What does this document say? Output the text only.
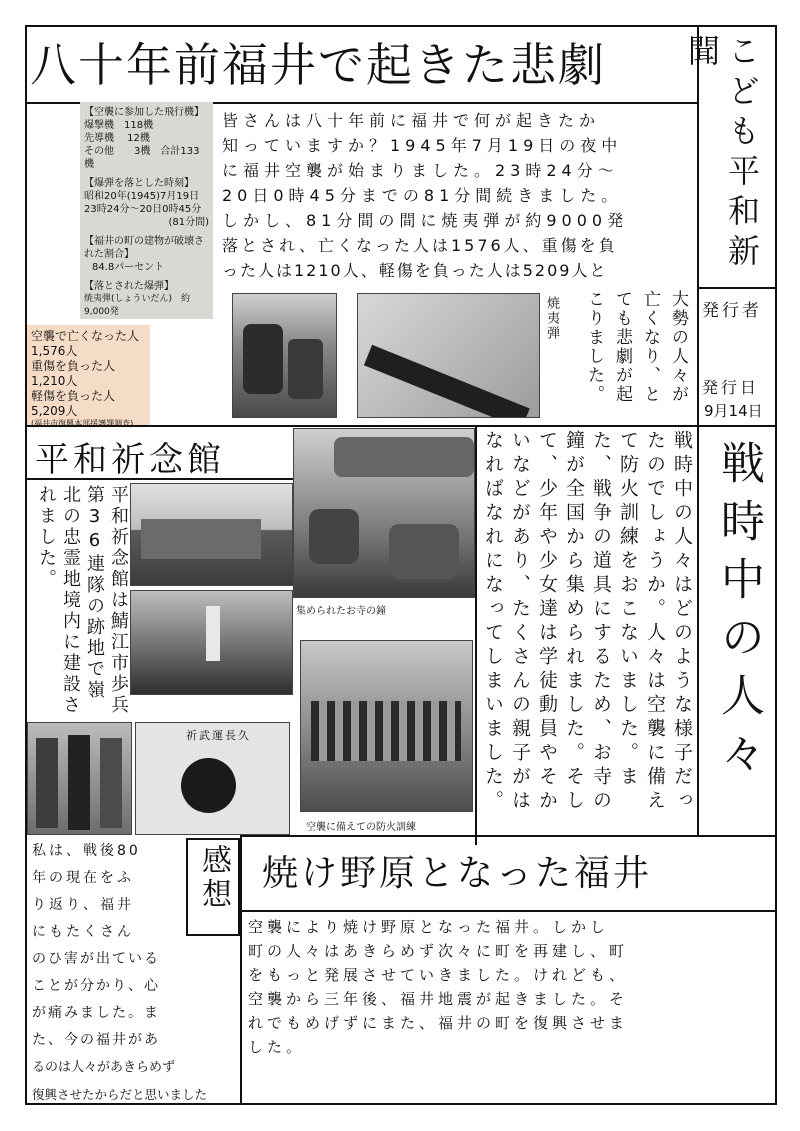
八十年前福井で起きた悲劇	こども平和新聞
発行者
発行日
9月14日
【空襲に参加した飛行機】
爆撃機　118機
先導機　 12機
その他　　3機　合計133機
【爆弾を落とした時刻】
昭和20年(1945)7月19日
23時24分〜20日0時45分
(81分間)
【福井の町の建物が破壊された割合】
84.8パーセント
【落とされた爆弾】
焼夷弾(しょういだん)　約9,000発
空襲で亡くなった人
1,576人
重傷を負った人
1,210人
軽傷を負った人
5,209人
(福井市復興本部援護課調査)
皆さんは八十年前に福井で何が起きたか
知っていますか？1945年7月19日の夜中
に福井空襲が始まりました。23時24分〜
20日0時45分までの81分間続きました。
しかし、81分間の間に焼夷弾が約9000発
落とされ、亡くなった人は1576人、重傷を負
った人は1210人、軽傷を負った人は5209人と
大勢の人々が亡くなり、とても悲劇が起こりました。
焼夷弾
平和祈念館
平和祈念館は鯖江市歩兵第36連隊の跡地で嶺北の忠霊地境内に建設されました。
祈武運長久
集められたお寺の鐘
空襲に備えての防火訓練
戦時中の人々
戦時中の人々はどのような様子だったのでしょうか。人々は空襲に備えて防火訓練をおこないました。また、戦争の道具にするため、お寺の鐘が全国から集められました。そして、少年や少女達は学徒動員やそかいなどがあり、たくさんの親子がはなればなれになってしまいました。
焼け野原となった福井
空襲により焼け野原となった福井。しかし
町の人々はあきらめず次々に町を再建し、町
をもっと発展させていきました。けれども、
空襲から三年後、福井地震が起きました。そ
れでもめげずにまた、福井の町を復興させま
した。
感想
私は、戦後80
年の現在をふ
り返り、福井
にもたくさん
のひ害が出ている
ことが分かり、心
が痛みました。ま
た、今の福井があ
るのは人々があきらめず
復興させたからだと思いました
